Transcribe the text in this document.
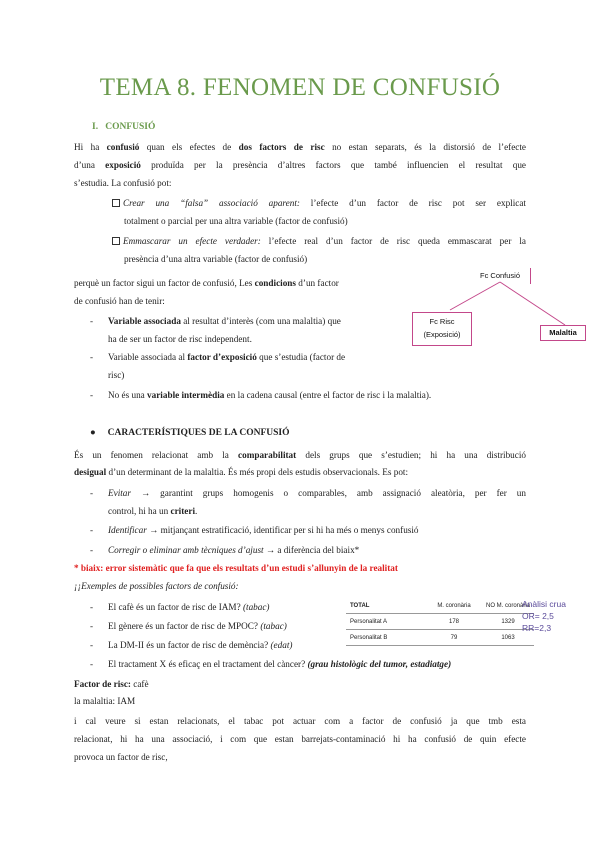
TEMA 8. FENOMEN DE CONFUSIÓ
I. CONFUSIÓ
Hi ha confusió quan els efectes de dos factors de risc no estan separats, és la distorsió de l’efecte
d’una exposició produïda per la presència d’altres factors que també influencien el resultat que
s’estudia. La confusió pot:
Crear una “falsa” associació aparent: l’efecte d’un factor de risc pot ser explicat
totalment o parcial per una altra variable (factor de confusió)
Emmascarar un efecte verdader: l’efecte real d’un factor de risc queda emmascarat per la
presència d’una altra variable (factor de confusió)
perquè un factor sigui un factor de confusió, Les condicions d’un factor
de confusió han de tenir:
- Variable associada al resultat d’interès (com una malaltia) que
ha de ser un factor de risc independent.
- Variable associada al factor d’exposició que s’estudia (factor de
risc)
- No és una variable intermèdia en la cadena causal (entre el factor de risc i la malaltia).
Fc Confusió
Fc Risc
(Exposició)	Malaltia
● CARACTERÍSTIQUES DE LA CONFUSIÓ
És un fenomen relacionat amb la comparabilitat dels grups que s’estudien; hi ha una distribució
desigual d’un determinant de la malaltia. És més propi dels estudis observacionals. Es pot:
- Evitar → garantint grups homogenis o comparables, amb assignació aleatòria, per fer un
control, hi ha un criteri.
- Identificar → mitjançant estratificació, identificar per si hi ha més o menys confusió
- Corregir o eliminar amb tècniques d’ajust → a diferència del biaix*
* biaix: error sistemàtic que fa que els resultats d’un estudi s’allunyin de la realitat
¡¡Exemples de possibles factors de confusió:
- El cafè és un factor de risc de IAM? (tabac)
- El gènere és un factor de risc de MPOC? (tabac)
- La DM-II és un factor de risc de demència? (edat)
- El tractament X és eficaç en el tractament del càncer? (grau histològic del tumor, estadiatge)
TOTAL	M. coronària	NO M. coronària
Personalitat A	178	1329
Personalitat B	79	1063
Anàlisi crua
OR= 2,5
RR=2,3
Factor de risc: cafè
la malaltia: IAM
i cal veure si estan relacionats, el tabac pot actuar com a factor de confusió ja que tmb esta
relacionat, hi ha una associació, i com que estan barrejats-contaminació hi ha confusió de quin efecte
provoca un factor de risc,
